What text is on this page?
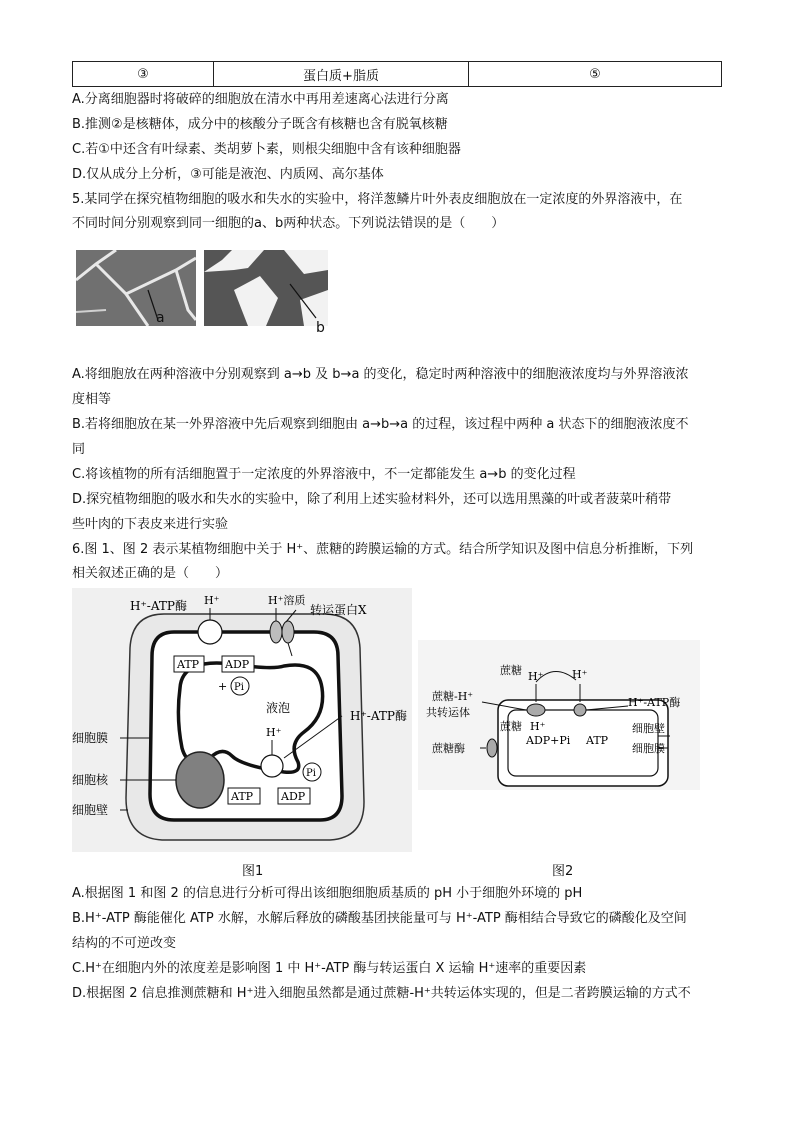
③	蛋白质+脂质	⑤
A.分离细胞器时将破碎的细胞放在清水中再用差速离心法进行分离
B.推测②是核糖体，成分中的核酸分子既含有核糖也含有脱氧核糖
C.若①中还含有叶绿素、类胡萝卜素，则根尖细胞中含有该种细胞器
D.仅从成分上分析，③可能是液泡、内质网、高尔基体
5.某同学在探究植物细胞的吸水和失水的实验中，将洋葱鳞片叶外表皮细胞放在一定浓度的外界溶液中，在
不同时间分别观察到同一细胞的a、b两种状态。下列说法错误的是（　　）
a
b
A.将细胞放在两种溶液中分别观察到 a→b 及 b→a 的变化，稳定时两种溶液中的细胞液浓度均与外界溶液浓
度相等
B.若将细胞放在某一外界溶液中先后观察到细胞由 a→b→a 的过程，该过程中两种 a 状态下的细胞液浓度不
同
C.将该植物的所有活细胞置于一定浓度的外界溶液中，不一定都能发生 a→b 的变化过程
D.探究植物细胞的吸水和失水的实验中，除了利用上述实验材料外，还可以选用黑藻的叶或者菠菜叶稍带
些叶肉的下表皮来进行实验
6.图 1、图 2 表示某植物细胞中关于 H⁺、蔗糖的跨膜运输的方式。结合所学知识及图中信息分析推断，下列
相关叙述正确的是（　　）
H⁺-ATP酶 H⁺	H⁺溶质
转运蛋白X
ATP ADP
+ Pi
液泡
H⁺-ATP酶
H⁺
细胞膜
细胞核
细胞壁
ATP	ADP
Pi
图1
蔗糖 H⁺	H⁺
蔗糖-H⁺
共转运体
蔗糖 H⁺
ADP+Pi ATP
H⁺-ATP酶
细胞壁
细胞膜
蔗糖酶
图2
A.根据图 1 和图 2 的信息进行分析可得出该细胞细胞质基质的 pH 小于细胞外环境的 pH
B.H⁺-ATP 酶能催化 ATP 水解，水解后释放的磷酸基团挟能量可与 H⁺-ATP 酶相结合导致它的磷酸化及空间
结构的不可逆改变
C.H⁺在细胞内外的浓度差是影响图 1 中 H⁺-ATP 酶与转运蛋白 X 运输 H⁺速率的重要因素
D.根据图 2 信息推测蔗糖和 H⁺进入细胞虽然都是通过蔗糖-H⁺共转运体实现的，但是二者跨膜运输的方式不
